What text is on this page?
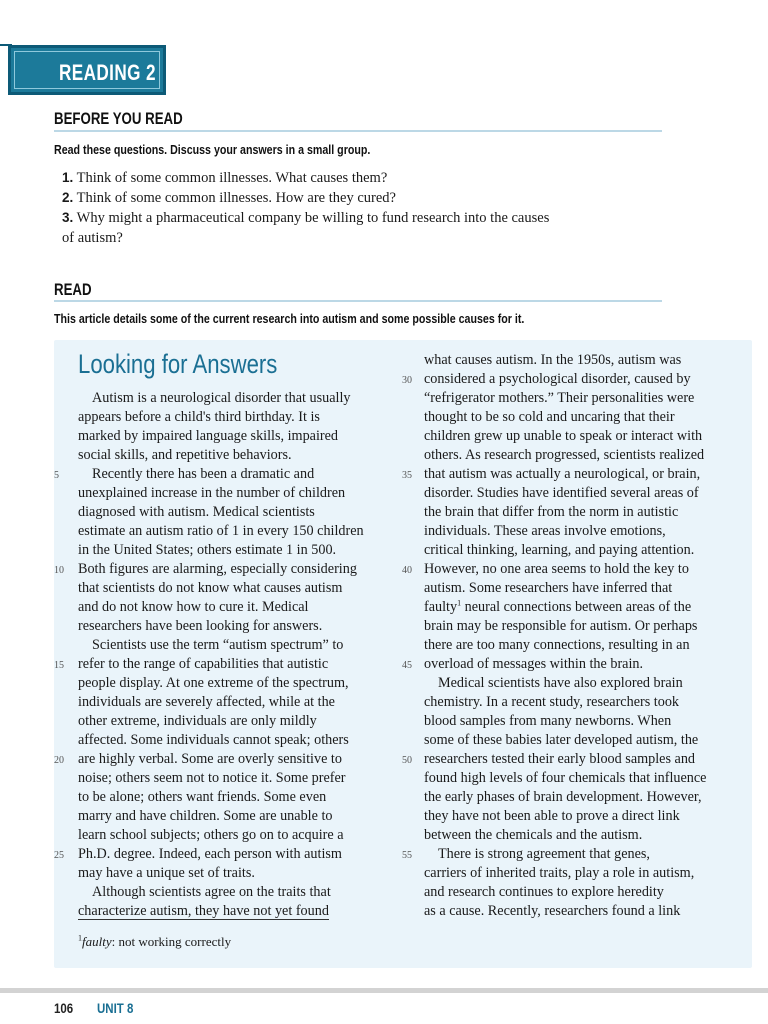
READING 2
BEFORE YOU READ
Read these questions. Discuss your answers in a small group.
1. Think of some common illnesses. What causes them?
2. Think of some common illnesses. How are they cured?
3. Why might a pharmaceutical company be willing to fund research into the causes
of autism?
READ
This article details some of the current research into autism and some possible causes for it.
Looking for Answers
Autism is a neurological disorder that usually
appears before a child's third birthday. It is
marked by impaired language skills, impaired
social skills, and repetitive behaviors.
5 Recently there has been a dramatic and
unexplained increase in the number of children
diagnosed with autism. Medical scientists
estimate an autism ratio of 1 in every 150 children
in the United States; others estimate 1 in 500.
10 Both figures are alarming, especially considering
that scientists do not know what causes autism
and do not know how to cure it. Medical
researchers have been looking for answers.
Scientists use the term “autism spectrum” to
15 refer to the range of capabilities that autistic
people display. At one extreme of the spectrum,
individuals are severely affected, while at the
other extreme, individuals are only mildly
affected. Some individuals cannot speak; others
20 are highly verbal. Some are overly sensitive to
noise; others seem not to notice it. Some prefer
to be alone; others want friends. Some even
marry and have children. Some are unable to
learn school subjects; others go on to acquire a
25 Ph.D. degree. Indeed, each person with autism
may have a unique set of traits.
Although scientists agree on the traits that
characterize autism, they have not yet found
what causes autism. In the 1950s, autism was
30 considered a psychological disorder, caused by
“refrigerator mothers.” Their personalities were
thought to be so cold and uncaring that their
children grew up unable to speak or interact with
others. As research progressed, scientists realized
35 that autism was actually a neurological, or brain,
disorder. Studies have identified several areas of
the brain that differ from the norm in autistic
individuals. These areas involve emotions,
critical thinking, learning, and paying attention.
40 However, no one area seems to hold the key to
autism. Some researchers have inferred that
faulty$^1$ neural connections between areas of the
brain may be responsible for autism. Or perhaps
there are too many connections, resulting in an
45 overload of messages within the brain.
Medical scientists have also explored brain
chemistry. In a recent study, researchers took
blood samples from many newborns. When
some of these babies later developed autism, the
50 researchers tested their early blood samples and
found high levels of four chemicals that influence
the early phases of brain development. However,
they have not been able to prove a direct link
between the chemicals and the autism.
55 There is strong agreement that genes,
carriers of inherited traits, play a role in autism,
and research continues to explore heredity
as a cause. Recently, researchers found a link
$^1$faulty: not working correctly
106 UNIT 8
